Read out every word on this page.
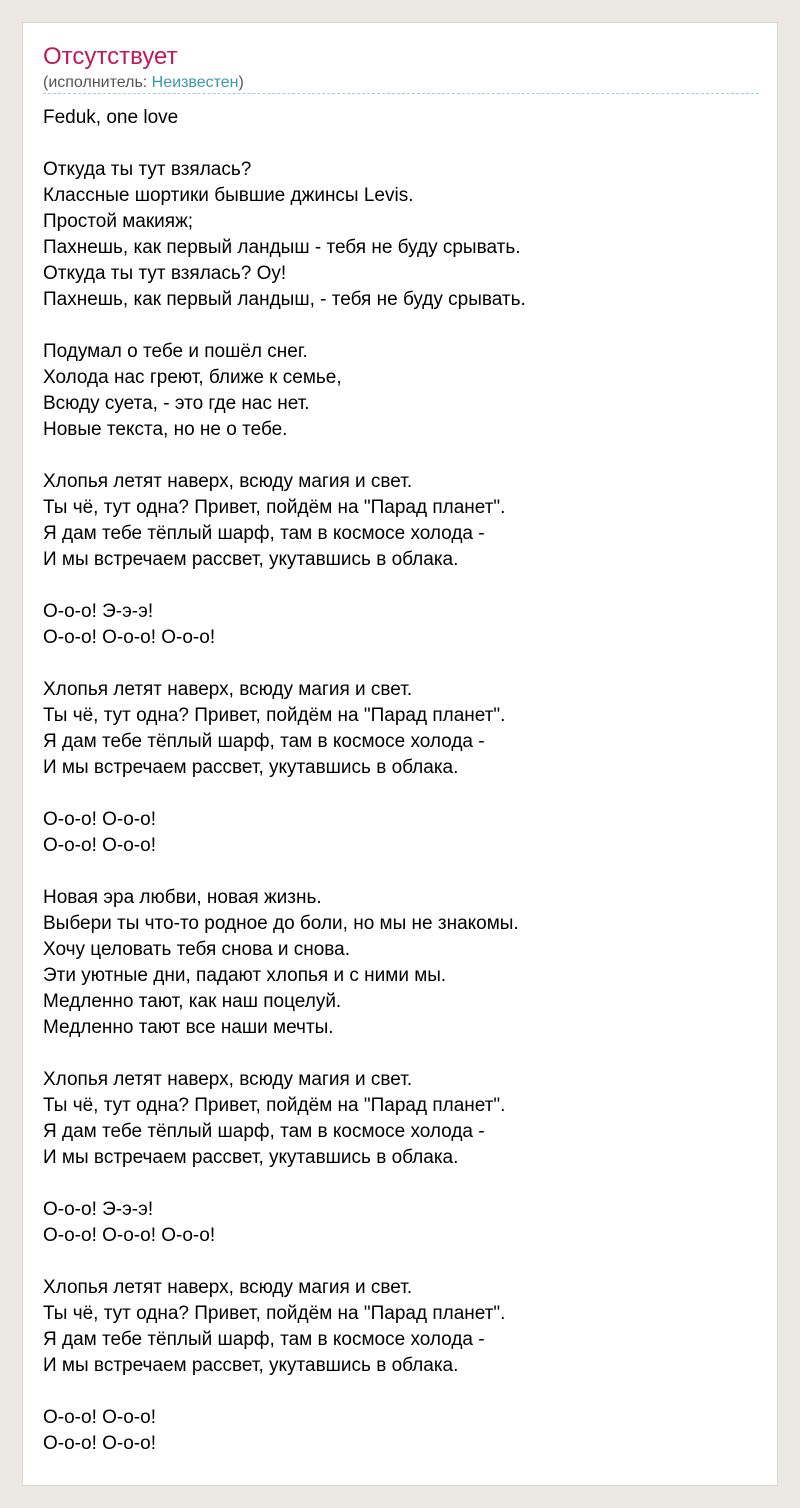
Отсутствует
(исполнитель: Неизвестен)
Feduk, one love
Откуда ты тут взялась?
Классные шортики бывшие джинсы Levis.
Простой макияж;
Пахнешь, как первый ландыш - тебя не буду срывать.
Откуда ты тут взялась? Оу!
Пахнешь, как первый ландыш, - тебя не буду срывать.
Подумал о тебе и пошёл снег.
Холода нас греют, ближе к семье,
Всюду суета, - это где нас нет.
Новые текста, но не о тебе.
Хлопья летят наверх, всюду магия и свет.
Ты чё, тут одна? Привет, пойдём на "Парад планет".
Я дам тебе тёплый шарф, там в космосе холода -
И мы встречаем рассвет, укутавшись в облака.
О-о-о! Э-э-э!
О-о-о! О-о-о! О-о-о!
Хлопья летят наверх, всюду магия и свет.
Ты чё, тут одна? Привет, пойдём на "Парад планет".
Я дам тебе тёплый шарф, там в космосе холода -
И мы встречаем рассвет, укутавшись в облака.
О-о-о! О-о-о!
О-о-о! О-о-о!
Новая эра любви, новая жизнь.
Выбери ты что-то родное до боли, но мы не знакомы.
Хочу целовать тебя снова и снова.
Эти уютные дни, падают хлопья и с ними мы.
Медленно тают, как наш поцелуй.
Медленно тают все наши мечты.
Хлопья летят наверх, всюду магия и свет.
Ты чё, тут одна? Привет, пойдём на "Парад планет".
Я дам тебе тёплый шарф, там в космосе холода -
И мы встречаем рассвет, укутавшись в облака.
О-о-о! Э-э-э!
О-о-о! О-о-о! О-о-о!
Хлопья летят наверх, всюду магия и свет.
Ты чё, тут одна? Привет, пойдём на "Парад планет".
Я дам тебе тёплый шарф, там в космосе холода -
И мы встречаем рассвет, укутавшись в облака.
О-о-о! О-о-о!
О-о-о! О-о-о!
